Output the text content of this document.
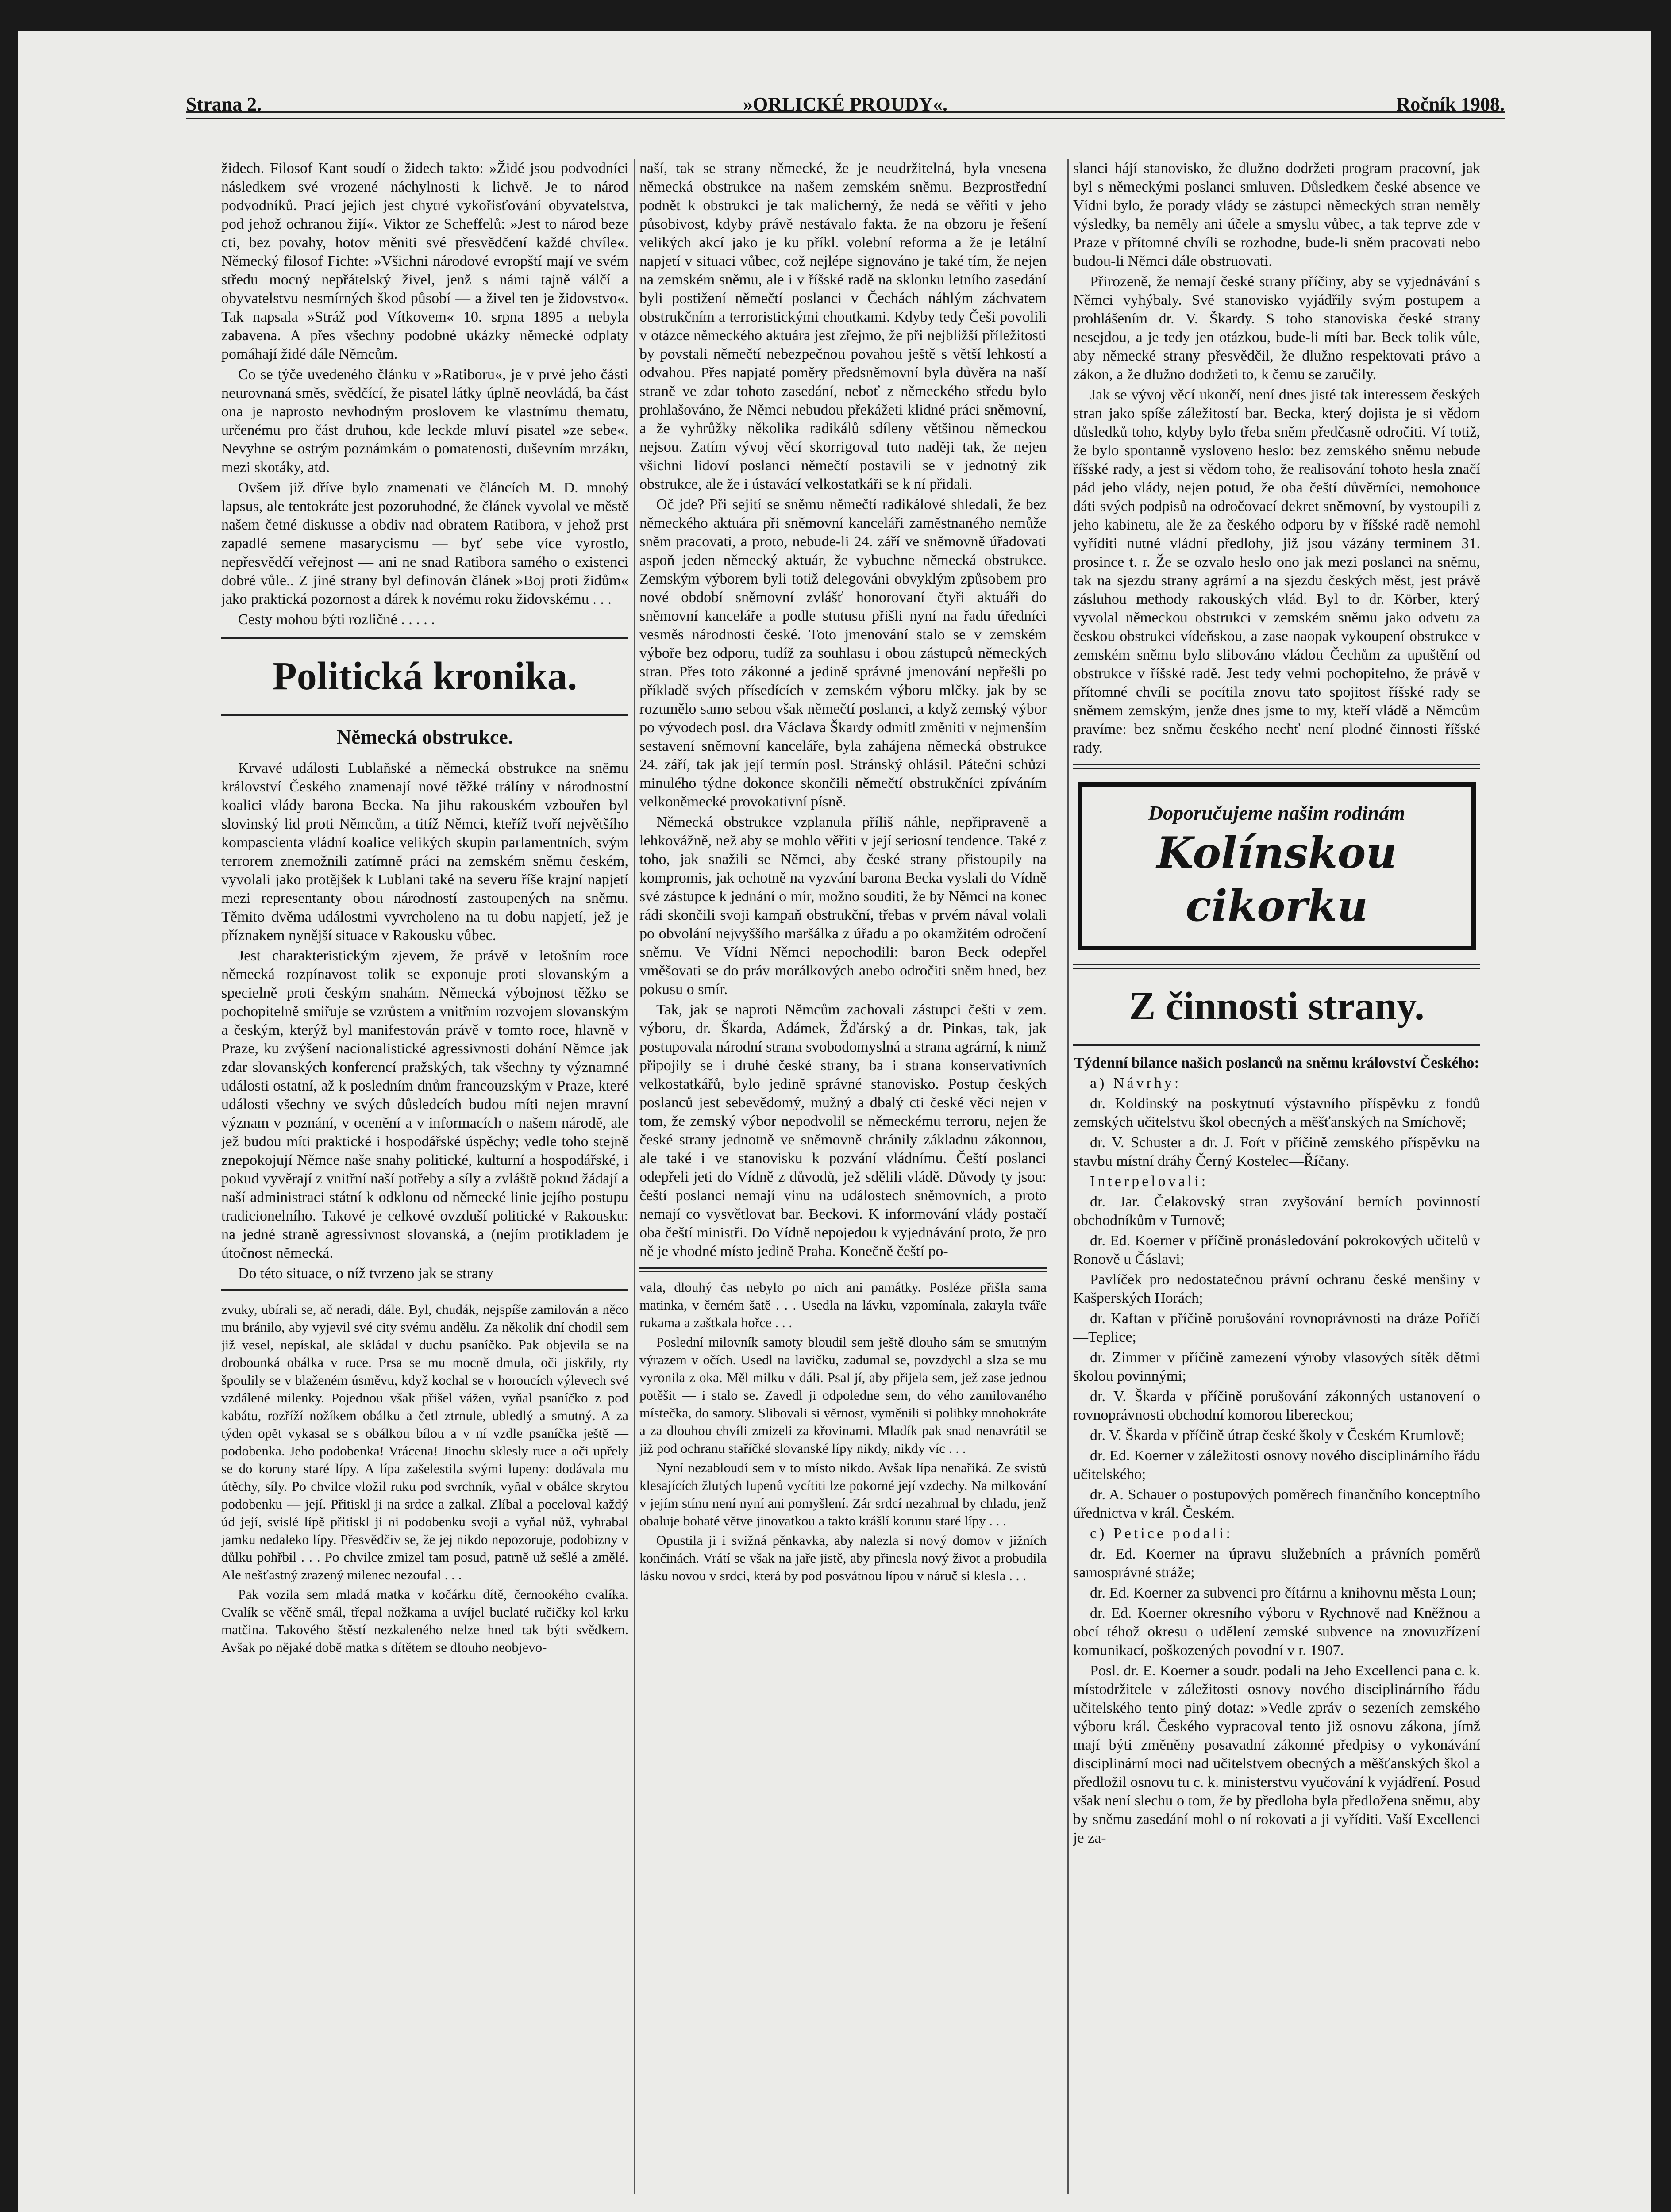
Strana 2.	»ORLICKÉ PROUDY«.	Ročník 1908.

židech. Filosof Kant soudí o židech takto: »Židé jsou podvodníci následkem své vrozené náchylnosti k lichvě. Je to národ podvodníků. Prací jejich jest chytré vykořisťování obyvatelstva, pod jehož ochranou žijí«. Viktor ze Scheffelů: »Jest to národ beze cti, bez povahy, hotov měniti své přesvědčení každé chvíle«. Německý filosof Fichte: »Všichni národové evropští mají ve svém středu mocný nepřátelský živel, jenž s námi tajně válčí a obyvatelstvu nesmírných škod působí — a živel ten je židovstvo«. Tak napsala »Stráž pod Vítkovem« 10. srpna 1895 a nebyla zabavena. A přes všechny podobné ukázky německé odplaty pomáhají židé dále Němcům.

Co se týče uvedeného článku v »Ratiboru«, je v prvé jeho části neurovnaná směs, svědčící, že pisatel látky úplně neovládá, ba část ona je naprosto nevhodným proslovem ke vlastnímu thematu, určenému pro část druhou, kde leckde mluví pisatel »ze sebe«. Nevyhne se ostrým poznámkám o pomatenosti, duševním mrzáku, mezi skotáky, atd.

Ovšem již dříve bylo znamenati ve článcích M. D. mnohý lapsus, ale tentokráte jest pozoruhodné, že článek vyvolal ve městě našem četné diskusse a obdiv nad obratem Ratibora, v jehož prst zapadlé semene masarycismu — byť sebe více vyrostlo, nepřesvědčí veřejnost — ani ne snad Ratibora samého o existenci dobré vůle.. Z jiné strany byl definován článek »Boj proti židům« jako praktická pozornost a dárek k novému roku židovskému . . .

Cesty mohou býti rozličné . . . . .

Politická kronika.
Německá obstrukce.

Krvavé události Lublaňské a německá obstrukce na sněmu království Českého znamenají nové těžké trálíny v národnostní koalici vlády barona Becka. Na jihu rakouském vzbouřen byl slovinský lid proti Němcům, a titíž Němci, kteříž tvoří největšího kompascienta vládní koalice velikých skupin parlamentních, svým terrorem znemožnili zatímně práci na zemském sněmu českém, vyvolali jako protějšek k Lublani také na severu říše krajní napjetí mezi representanty obou národností zastoupených na sněmu. Těmito dvěma událostmi vyvrcholeno na tu dobu napjetí, jež je příznakem nynější situace v Rakousku vůbec.

Jest charakteristickým zjevem, že právě v letošním roce německá rozpínavost tolik se exponuje proti slovanským a specielně proti českým snahám. Německá výbojnost těžko se pochopitelně smiřuje se vzrůstem a vnitřním rozvojem slovanským a českým, kterýž byl manifestován právě v tomto roce, hlavně v Praze, ku zvýšení nacionalistické agressivnosti dohání Němce jak zdar slovanských konferencí pražských, tak všechny ty významné události ostatní, až k posledním dnům francouzským v Praze, které události všechny ve svých důsledcích budou míti nejen mravní význam v poznání, v ocenění a v informacích o našem národě, ale jež budou míti praktické i hospodářské úspěchy; vedle toho stejně znepokojují Němce naše snahy politické, kulturní a hospodářské, i pokud vyvěrají z vnitřní naší potřeby a síly a zvláště pokud žádají a naší administraci státní k odklonu od německé linie jejího postupu tradicionelního. Takové je celkové ovzduší politické v Rakousku: na jedné straně agressivnost slovanská, a (nejím protikladem je útočnost německá.

Do této situace, o níž tvrzeno jak se strany

zvuky, ubírali se, ač neradi, dále. Byl, chudák, nejspíše zamilován a něco mu bránilo, aby vyjevil své city svému andělu. Za několik dní chodil sem již vesel, nepískal, ale skládal v duchu psaníčko. Pak objevila se na drobounká obálka v ruce. Prsa se mu mocně dmula, oči jiskřily, rty špoulily se v blaženém úsměvu, když kochal se v horoucích výlevech své vzdálené milenky. Pojednou však přišel vážen, vyňal psaníčko z pod kabátu, rozříží nožíkem obálku a četl ztrnule, ubledlý a smutný. A za týden opět vykasal se s obálkou bílou a v ní vzdle psaníčka ještě — podobenka. Jeho podobenka! Vrácena! Jinochu sklesly ruce a oči upřely se do koruny staré lípy. A lípa zašelestila svými lupeny: dodávala mu útěchy, síly. Po chvilce vložil ruku pod svrchník, vyňal v obálce skrytou podobenku — její. Přitiskl ji na srdce a zalkal. Zlíbal a poceloval každý úd její, svislé lípě přitiskl ji ni podobenku svoji a vyňal nůž, vyhrabal jamku nedaleko lípy. Přesvědčiv se, že jej nikdo nepozoruje, podobizny v důlku pohřbil . . . Po chvilce zmizel tam posud, patrně už sešlé a změlé. Ale nešťastný zrazený milenec nezoufal . . .

Pak vozila sem mladá matka v kočárku dítě, černookého cvalíka. Cvalík se věčně smál, třepal nožkama a uvíjel buclaté ručičky kol krku matčina. Takového štěstí nezkaleného nelze hned tak býti svědkem. Avšak po nějaké době matka s dítětem se dlouho neobjevo-

naší, tak se strany německé, že je neudržitelná, byla vnesena německá obstrukce na našem zemském sněmu. Bezprostřední podnět k obstrukci je tak malicherný, že nedá se věřiti v jeho působivost, kdyby právě nestávalo fakta. že na obzoru je řešení velikých akcí jako je ku příkl. volební reforma a že je letální napjetí v situaci vůbec, což nejlépe signováno je také tím, že nejen na zemském sněmu, ale i v říšské radě na sklonku letního zasedání byli postižení němečtí poslanci v Čechách náhlým záchvatem obstrukčním a terroristickými choutkami. Kdyby tedy Češi povolili v otázce německého aktuára jest zřejmo, že při nejbližší příležitosti by povstali němečtí nebezpečnou povahou ještě s větší lehkostí a odvahou. Přes napjaté poměry předsněmovní byla důvěra na naší straně ve zdar tohoto zasedání, neboť z německého středu bylo prohlašováno, že Němci nebudou překážeti klidné práci sněmovní, a že vyhrůžky několika radikálů sdíleny většinou německou nejsou. Zatím vývoj věcí skorrigoval tuto naději tak, že nejen všichni lidoví poslanci němečtí postavili se v jednotný zik obstrukce, ale že i ústavácí velkostatkáři se k ní přidali.

Oč jde? Při sejití se sněmu němečtí radikálové shledali, že bez německého aktuára při sněmovní kanceláři zaměstnaného nemůže sněm pracovati, a proto, nebude-li 24. září ve sněmovně úřadovati aspoň jeden německý aktuár, že vybuchne německá obstrukce. Zemským výborem byli totiž delegováni obvyklým způsobem pro nové období sněmovní zvlášť honorovaní čtyři aktuáři do sněmovní kanceláře a podle stutusu přišli nyní na řadu úředníci vesměs národnosti české. Toto jmenování stalo se v zemském výboře bez odporu, tudíž za souhlasu i obou zástupců německých stran. Přes toto zákonné a jedině správné jmenování nepřešli po příkladě svých přísedících v zemském výboru mlčky. jak by se rozumělo samo sebou však němečtí poslanci, a když zemský výbor po vývodech posl. dra Václava Škardy odmítl změniti v nejmenším sestavení sněmovní kanceláře, byla zahájena německá obstrukce 24. září, tak jak její termín posl. Stránský ohlásil. Pátečni schůzi minulého týdne dokonce skončili němečtí obstrukčníci zpíváním velkoněmecké provokativní písně.

Německá obstrukce vzplanula příliš náhle, nepřipraveně a lehkovážně, než aby se mohlo věřiti v její seriosní tendence. Také z toho, jak snažili se Němci, aby české strany přistoupily na kompromis, jak ochotně na vyzvání barona Becka vyslali do Vídně své zástupce k jednání o mír, možno souditi, že by Němci na konec rádi skončili svoji kampaň obstrukční, třebas v prvém nával volali po obvolání nejvyššího maršálka z úřadu a po okamžitém odročení sněmu. Ve Vídni Němci nepochodili: baron Beck odepřel vměšovati se do práv morálkových anebo odročiti sněm hned, bez pokusu o smír.

Tak, jak se naproti Němcům zachovali zástupci češti v zem. výboru, dr. Škarda, Adámek, Žďárský a dr. Pinkas, tak, jak postupovala národní strana svobodomyslná a strana agrární, k nimž připojily se i druhé české strany, ba i strana konservativních velkostatkářů, bylo jedině správné stanovisko. Postup českých poslanců jest sebevědomý, mužný a dbalý cti české věci nejen v tom, že zemský výbor nepodvolil se německému terroru, nejen že české strany jednotně ve sněmovně chránily základnu zákonnou, ale také i ve stanovisku k pozvání vládnímu. Čeští poslanci odepřeli jeti do Vídně z důvodů, jež sdělili vládě. Důvody ty jsou: čeští poslanci nemají vinu na událostech sněmovních, a proto nemají co vysvětlovat bar. Beckovi. K informování vlády postačí oba čeští ministři. Do Vídně nepojedou k vyjednávání proto, že pro ně je vhodné místo jedině Praha. Konečně čeští po-

vala, dlouhý čas nebylo po nich ani památky. Posléze přišla sama matinka, v černém šatě . . . Usedla na lávku, vzpomínala, zakryla tváře rukama a zaštkala hořce . . .

Poslední milovník samoty bloudil sem ještě dlouho sám se smutným výrazem v očích. Usedl na lavičku, zadumal se, povzdychl a slza se mu vyronila z oka. Měl milku v dáli. Psal jí, aby přijela sem, jež zase jednou potěšit — i stalo se. Zavedl ji odpoledne sem, do vého zamilovaného místečka, do samoty. Slibovali si věrnost, vyměnili si polibky mnohokráte a za dlouhou chvíli zmizeli za křovinami. Mladík pak snad nenavrátil se již pod ochranu staříčké slovanské lípy nikdy, nikdy víc . . .

Nyní nezabloudí sem v to místo nikdo. Avšak lípa nenaříká. Ze svistů klesajících žlutých lupenů vycítiti lze pokorné její vzdechy. Na milkování v jejím stínu není nyní ani pomyšlení. Zár srdcí nezahrnal by chladu, jenž obaluje bohaté větve jinovatkou a takto krášlí korunu staré lípy . . .

Opustila ji i svižná pěnkavka, aby nalezla si nový domov v jižních končinách. Vrátí se však na jaře jistě, aby přinesla nový život a probudila lásku novou v srdci, která by pod posvátnou lípou v náruč si klesla . . .

slanci hájí stanovisko, že dlužno dodržeti program pracovní, jak byl s německými poslanci smluven. Důsledkem české absence ve Vídni bylo, že porady vlády se zástupci německých stran neměly výsledky, ba neměly ani účele a smyslu vůbec, a tak teprve zde v Praze v přítomné chvíli se rozhodne, bude-li sněm pracovati nebo budou-li Němci dále obstruovati.

Přirozeně, že nemají české strany příčiny, aby se vyjednávání s Němci vyhýbaly. Své stanovisko vyjádřily svým postupem a prohlášením dr. V. Škardy. S toho stanoviska české strany nesejdou, a je tedy jen otázkou, bude-li míti bar. Beck tolik vůle, aby německé strany přesvědčil, že dlužno respektovati právo a zákon, a že dlužno dodržeti to, k čemu se zaručily.

Jak se vývoj věcí ukončí, není dnes jisté tak interessem českých stran jako spíše záležitostí bar. Becka, který dojista je si vědom důsledků toho, kdyby bylo třeba sněm předčasně odročiti. Ví totiž, že bylo spontanně vysloveno heslo: bez zemského sněmu nebude říšské rady, a jest si vědom toho, že realisování tohoto hesla značí pád jeho vlády, nejen potud, že oba čeští důvěrníci, nemohouce dáti svých podpisů na odročovací dekret sněmovní, by vystoupili z jeho kabinetu, ale že za českého odporu by v říšské radě nemohl vyříditi nutné vládní předlohy, již jsou vázány terminem 31. prosince t. r. Že se ozvalo heslo ono jak mezi poslanci na sněmu, tak na sjezdu strany agrární a na sjezdu českých měst, jest právě zásluhou methody rakouských vlád. Byl to dr. Körber, který vyvolal německou obstrukci v zemském sněmu jako odvetu za českou obstrukci vídeňskou, a zase naopak vykoupení obstrukce v zemském sněmu bylo slibováno vládou Čechům za upuštění od obstrukce v říšské radě. Jest tedy velmi pochopitelno, že právě v přítomné chvíli se pocítila znovu tato spojitost říšské rady se sněmem zemským, jenže dnes jsme to my, kteří vládě a Němcům pravíme: bez sněmu českého nechť není plodné činnosti říšské rady.

Doporučujeme našim rodinám
Kolínskou cikorku
Z činnosti strany.

Týdenní bilance našich poslanců na sněmu království Českého:

a) Návrhy:

dr. Koldinský na poskytnutí výstavního příspěvku z fondů zemských učitelstvu škol obecných a měšťanských na Smíchově;

dr. V. Schuster a dr. J. Foŕt v příčině zemského příspěvku na stavbu místní dráhy Černý Kostelec—Říčany.

Interpelovali:

dr. Jar. Čelakovský stran zvyšování berních povinností obchodníkům v Turnově;

dr. Ed. Koerner v příčině pronásledování pokrokových učitelů v Ronově u Čáslavi;

Pavlíček pro nedostatečnou právní ochranu české menšiny v Kašperských Horách;

dr. Kaftan v příčině porušování rovnoprávnosti na dráze Poříčí—Teplice;

dr. Zimmer v příčině zamezení výroby vlasových sítěk dětmi školou povinnými;

dr. V. Škarda v příčině porušování zákonných ustanovení o rovnoprávnosti obchodní komorou libereckou;

dr. V. Škarda v příčině útrap české školy v Českém Krumlově;

dr. Ed. Koerner v záležitosti osnovy nového disciplinárního řádu učitelského;

dr. A. Schauer o postupových poměrech finančního konceptního úřednictva v král. Českém.

c) Petice podali:

dr. Ed. Koerner na úpravu služebních a právních poměrů samosprávné stráže;

dr. Ed. Koerner za subvenci pro čítárnu a knihovnu města Loun;

dr. Ed. Koerner okresního výboru v Rychnově nad Kněžnou a obcí téhož okresu o udělení zemské subvence na znovuzřízení komunikací, poškozených povodní v r. 1907.

Posl. dr. E. Koerner a soudr. podali na Jeho Excellenci pana c. k. místodržitele v záležitosti osnovy nového disciplinárního řádu učitelského tento piný dotaz: »Vedle zpráv o sezeních zemského výboru král. Českého vypracoval tento již osnovu zákona, jímž mají býti změněny posavadní zákonné předpisy o vykonávání disciplinární moci nad učitelstvem obecných a měšťanských škol a předložil osnovu tu c. k. ministerstvu vyučování k vyjádření. Posud však není slechu o tom, že by předloha byla předložena sněmu, aby by sněmu zasedání mohl o ní rokovati a ji vyříditi. Vaší Excellenci je za-
